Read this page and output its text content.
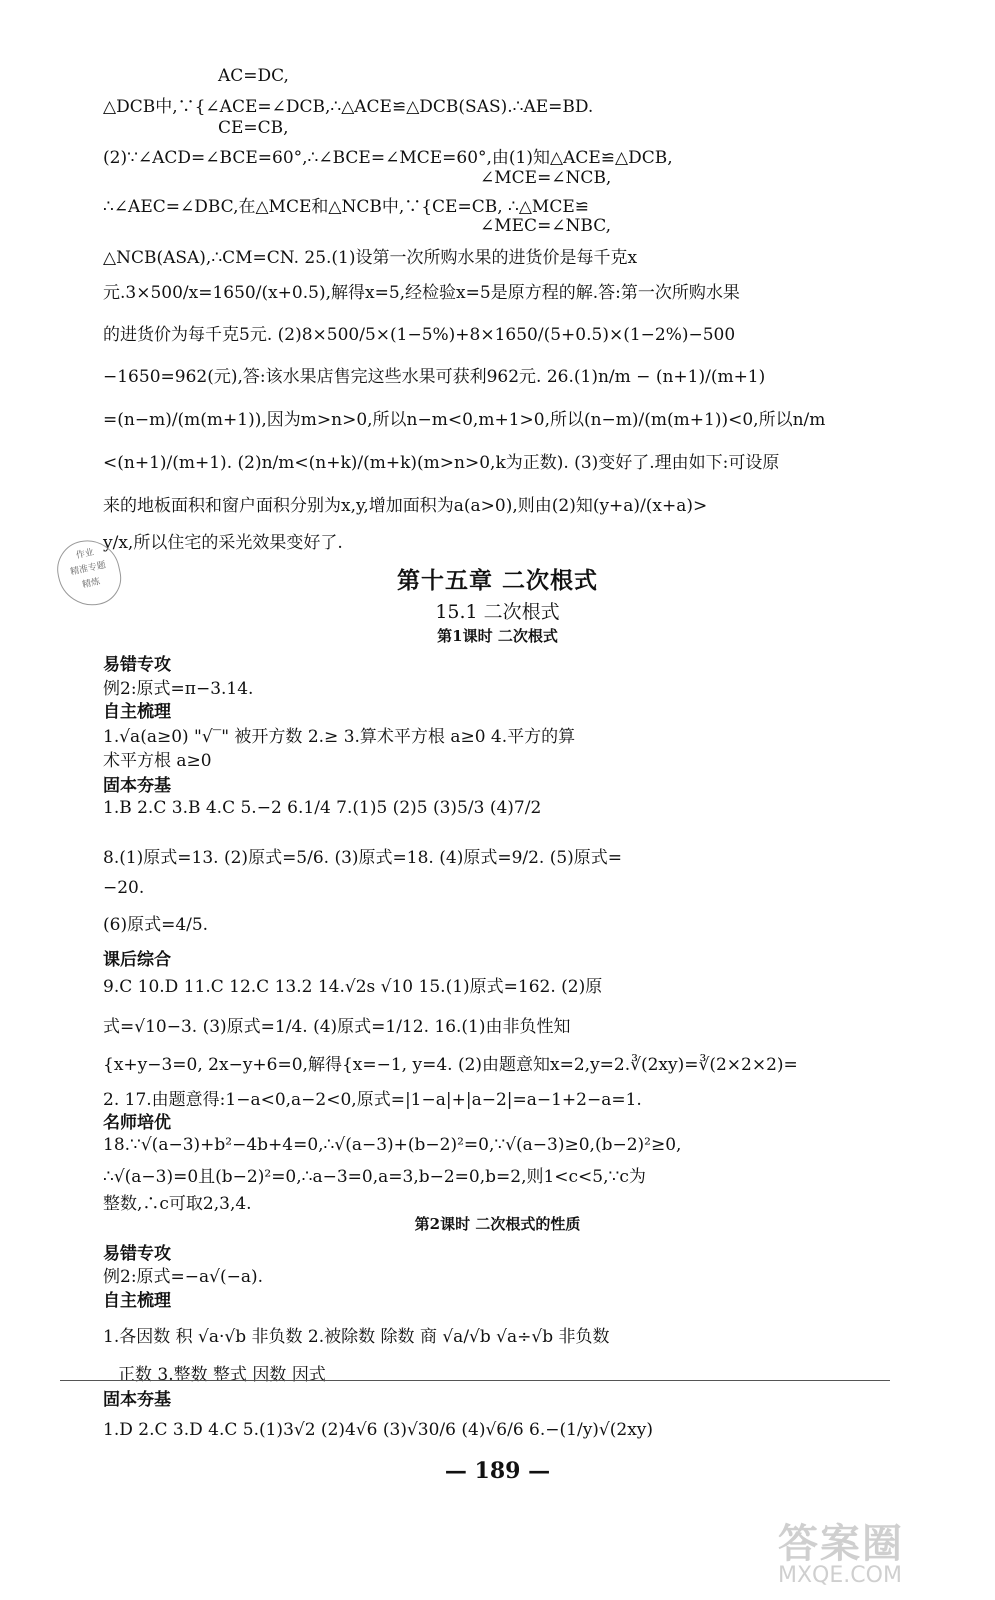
AC=DC,
△DCB中,∵{∠ACE=∠DCB,∴△ACE≌△DCB(SAS).∴AE=BD.
CE=CB,
(2)∵∠ACD=∠BCE=60°,∴∠BCE=∠MCE=60°,由(1)知△ACE≌△DCB,
∠MCE=∠NCB,
∴∠AEC=∠DBC,在△MCE和△NCB中,∵{CE=CB, ∴△MCE≌
∠MEC=∠NBC,
△NCB(ASA),∴CM=CN. 25.(1)设第一次所购水果的进货价是每千克x
元.3×500/x=1650/(x+0.5),解得x=5,经检验x=5是原方程的解.答:第一次所购水果
的进货价为每千克5元. (2)8×500/5×(1−5%)+8×1650/(5+0.5)×(1−2%)−500
−1650=962(元),答:该水果店售完这些水果可获利962元. 26.(1)n/m − (n+1)/(m+1)
=(n−m)/(m(m+1)),因为m>n>0,所以n−m<0,m+1>0,所以(n−m)/(m(m+1))<0,所以n/m
<(n+1)/(m+1). (2)n/m<(n+k)/(m+k)(m>n>0,k为正数). (3)变好了.理由如下:可设原
来的地板面积和窗户面积分别为x,y,增加面积为a(a>0),则由(2)知(y+a)/(x+a)>
y/x,所以住宅的采光效果变好了.
作业
精准专题
精炼	第十五章 二次根式
15.1 二次根式
第1课时 二次根式
易错专攻
例2:原式=π−3.14.
自主梳理
1.√a(a≥0) "√‾" 被开方数 2.≥ 3.算术平方根 a≥0 4.平方的算
术平方根 a≥0
固本夯基
1.B 2.C 3.B 4.C 5.−2 6.1/4 7.(1)5 (2)5 (3)5/3 (4)7/2
8.(1)原式=13. (2)原式=5/6. (3)原式=18. (4)原式=9/2. (5)原式=
−20.
(6)原式=4/5.
课后综合
9.C 10.D 11.C 12.C 13.2 14.√2s √10 15.(1)原式=162. (2)原
式=√10−3. (3)原式=1/4. (4)原式=1/12. 16.(1)由非负性知
{x+y−3=0, 2x−y+6=0,解得{x=−1, y=4. (2)由题意知x=2,y=2.∛(2xy)=∛(2×2×2)=
2. 17.由题意得:1−a<0,a−2<0,原式=|1−a|+|a−2|=a−1+2−a=1.
名师培优
18.∵√(a−3)+b²−4b+4=0,∴√(a−3)+(b−2)²=0,∵√(a−3)≥0,(b−2)²≥0,
∴√(a−3)=0且(b−2)²=0,∴a−3=0,a=3,b−2=0,b=2,则1<c<5,∵c为
整数,∴c可取2,3,4.
第2课时 二次根式的性质
易错专攻
例2:原式=−a√(−a).
自主梳理
1.各因数 积 √a·√b 非负数 2.被除数 除数 商 √a/√b √a÷√b 非负数
正数 3.整数 整式 因数 因式
固本夯基
1.D 2.C 3.D 4.C 5.(1)3√2 (2)4√6 (3)√30/6 (4)√6/6 6.−(1/y)√(2xy)
— 189 —
答案圈
MXQE.COM
